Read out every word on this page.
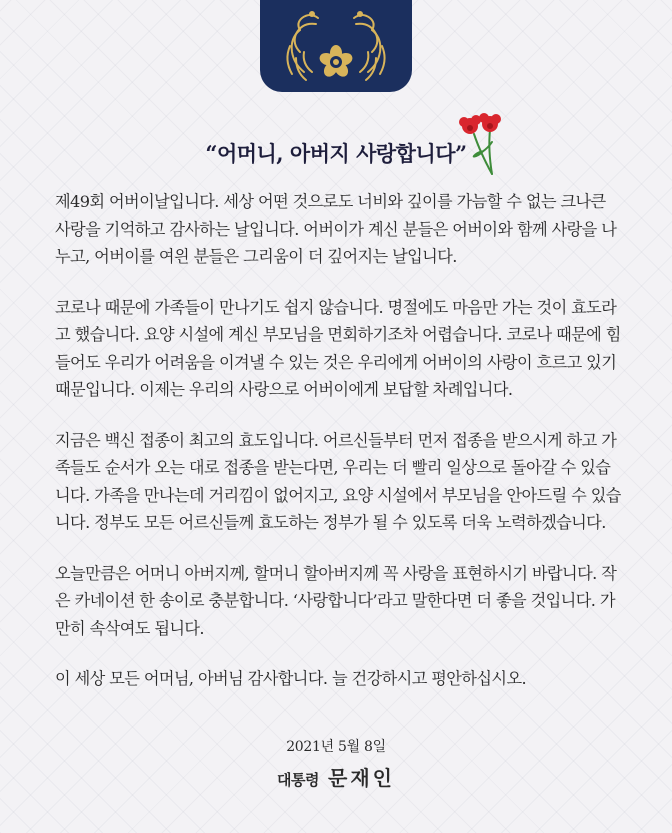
“어머니, 아버지 사랑합니다”

제49회 어버이날입니다. 세상 어떤 것으로도 너비와 깊이를 가늠할 수 없는 크나큰 사랑을 기억하고 감사하는 날입니다. 어버이가 계신 분들은 어버이와 함께 사랑을 나누고, 어버이를 여읜 분들은 그리움이 더 깊어지는 날입니다.

코로나 때문에 가족들이 만나기도 쉽지 않습니다. 명절에도 마음만 가는 것이 효도라고 했습니다. 요양 시설에 계신 부모님을 면회하기조차 어렵습니다. 코로나 때문에 힘들어도 우리가 어려움을 이겨낼 수 있는 것은 우리에게 어버이의 사랑이 흐르고 있기 때문입니다. 이제는 우리의 사랑으로 어버이에게 보답할 차례입니다.

지금은 백신 접종이 최고의 효도입니다. 어르신들부터 먼저 접종을 받으시게 하고 가족들도 순서가 오는 대로 접종을 받는다면, 우리는 더 빨리 일상으로 돌아갈 수 있습니다. 가족을 만나는데 거리낌이 없어지고, 요양 시설에서 부모님을 안아드릴 수 있습니다. 정부도 모든 어르신들께 효도하는 정부가 될 수 있도록 더욱 노력하겠습니다.

오늘만큼은 어머니 아버지께, 할머니 할아버지께 꼭 사랑을 표현하시기 바랍니다. 작은 카네이션 한 송이로 충분합니다. ‘사랑합니다’라고 말한다면 더 좋을 것입니다. 가만히 속삭여도 됩니다.

이 세상 모든 어머님, 아버님 감사합니다. 늘 건강하시고 평안하십시오.

2021년 5월 8일
대통령 문재인
